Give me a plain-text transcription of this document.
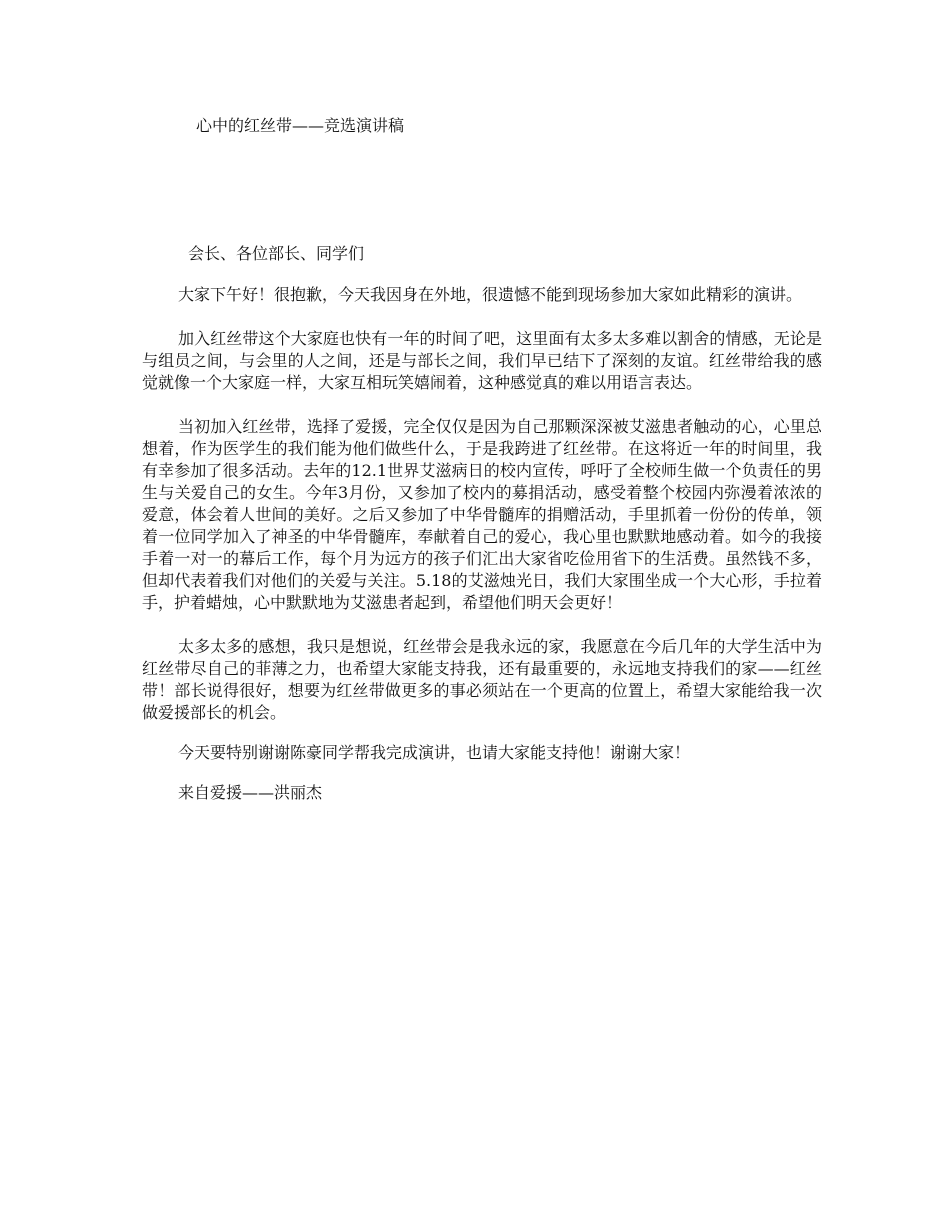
心中的红丝带——竞选演讲稿

会长、各位部长、同学们

大家下午好！很抱歉，今天我因身在外地，很遗憾不能到现场参加大家如此精彩的演讲。

加入红丝带这个大家庭也快有一年的时间了吧，这里面有太多太多难以割舍的情感，无论是与组员之间，与会里的人之间，还是与部长之间，我们早已结下了深刻的友谊。红丝带给我的感觉就像一个大家庭一样，大家互相玩笑嬉闹着，这种感觉真的难以用语言表达。

当初加入红丝带，选择了爱援，完全仅仅是因为自己那颗深深被艾滋患者触动的心，心里总想着，作为医学生的我们能为他们做些什么，于是我跨进了红丝带。在这将近一年的时间里，我有幸参加了很多活动。去年的12.1世界艾滋病日的校内宣传，呼吁了全校师生做一个负责任的男生与关爱自己的女生。今年3月份，又参加了校内的募捐活动，感受着整个校园内弥漫着浓浓的爱意，体会着人世间的美好。之后又参加了中华骨髓库的捐赠活动，手里抓着一份份的传单，领着一位同学加入了神圣的中华骨髓库，奉献着自己的爱心，我心里也默默地感动着。如今的我接手着一对一的幕后工作，每个月为远方的孩子们汇出大家省吃俭用省下的生活费。虽然钱不多，但却代表着我们对他们的关爱与关注。5.18的艾滋烛光日，我们大家围坐成一个大心形，手拉着手，护着蜡烛，心中默默地为艾滋患者起到，希望他们明天会更好！

太多太多的感想，我只是想说，红丝带会是我永远的家，我愿意在今后几年的大学生活中为红丝带尽自己的菲薄之力，也希望大家能支持我，还有最重要的，永远地支持我们的家——红丝带！部长说得很好，想要为红丝带做更多的事必须站在一个更高的位置上，希望大家能给我一次做爱援部长的机会。

今天要特别谢谢陈豪同学帮我完成演讲，也请大家能支持他！谢谢大家！

来自爱援——洪丽杰
